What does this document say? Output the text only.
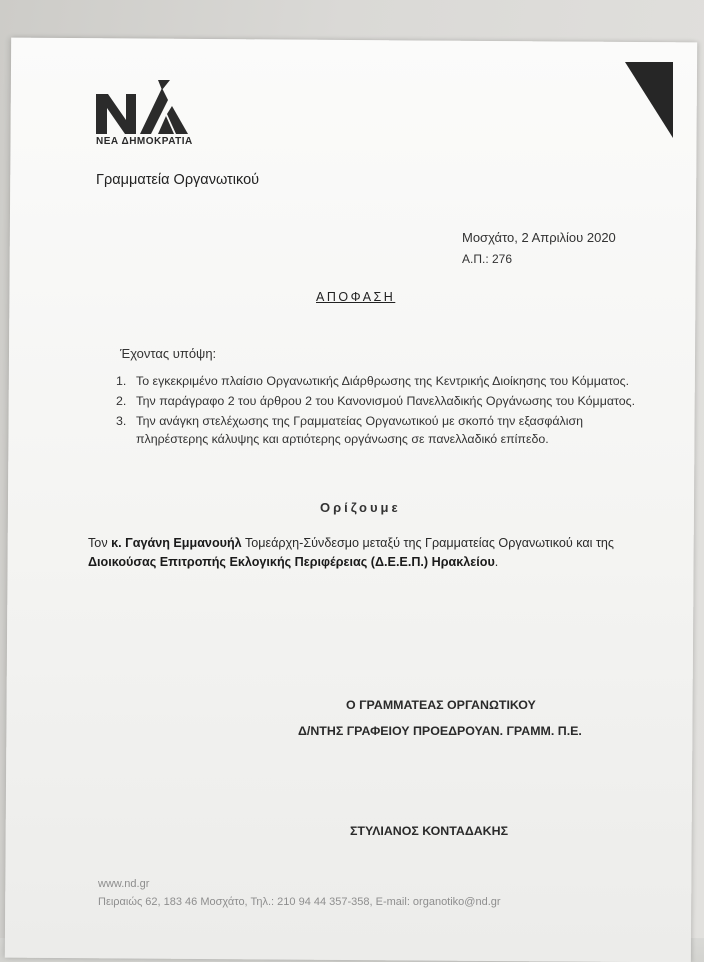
ΝΕΑ ΔΗΜΟΚΡΑΤΙΑ
Γραμματεία Οργανωτικού
Μοσχάτο, 2 Απριλίου 2020
Α.Π.: 276
ΑΠΟΦΑΣΗ
Έχοντας υπόψη:
1. Το εγκεκριμένο πλαίσιο Οργανωτικής Διάρθρωσης της Κεντρικής Διοίκησης του Κόμματος.
2. Την παράγραφο 2 του άρθρου 2 του Κανονισμού Πανελλαδικής Οργάνωσης του Κόμματος.
3. Την ανάγκη στελέχωσης της Γραμματείας Οργανωτικού με σκοπό την εξασφάλιση πληρέστερης κάλυψης και αρτιότερης οργάνωσης σε πανελλαδικό επίπεδο.
Ορίζουμε
Τον κ. Γαγάνη Εμμανουήλ Τομεάρχη-Σύνδεσμο μεταξύ της Γραμματείας Οργανωτικού και της Διοικούσας Επιτροπής Εκλογικής Περιφέρειας (Δ.Ε.Ε.Π.) Ηρακλείου.
Ο ΓΡΑΜΜΑΤΕΑΣ ΟΡΓΑΝΩΤΙΚΟΥ
Δ/ΝΤΗΣ ΓΡΑΦΕΙΟΥ ΠΡΟΕΔΡΟΥΑΝ. ΓΡΑΜΜ. Π.Ε.
ΣΤΥΛΙΑΝΟΣ ΚΟΝΤΑΔΑΚΗΣ
www.nd.gr
Πειραιώς 62, 183 46 Μοσχάτο, Τηλ.: 210 94 44 357-358, E-mail: organotiko@nd.gr
